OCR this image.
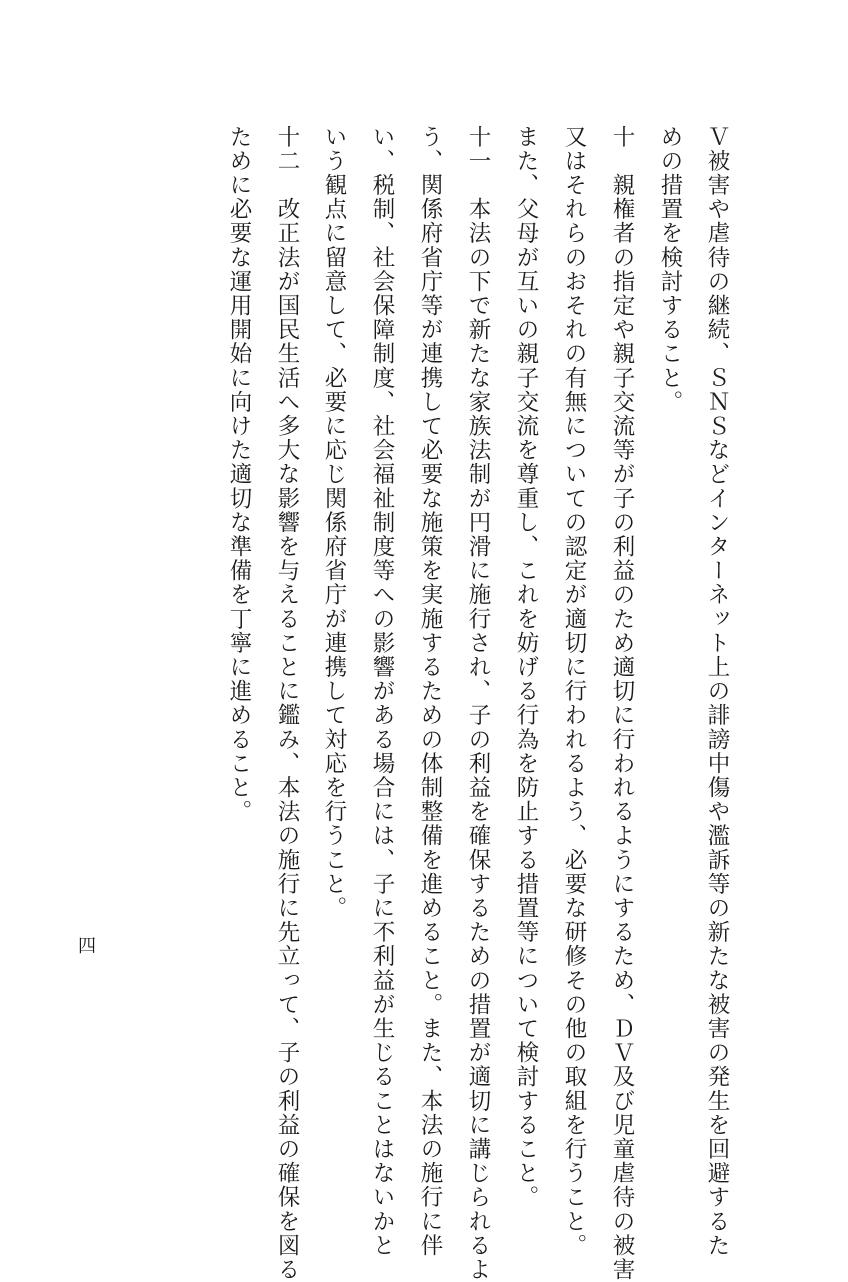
Ｖ被害や虐待の継続、ＳＮＳなどインターネット上の誹謗中傷や濫訴等の新たな被害の発生を回避するた
めの措置を検討すること。
十　親権者の指定や親子交流等が子の利益のため適切に行われるようにするため、ＤＶ及び児童虐待の被害
又はそれらのおそれの有無についての認定が適切に行われるよう、必要な研修その他の取組を行うこと。
また、父母が互いの親子交流を尊重し、これを妨げる行為を防止する措置等について検討すること。
十一　本法の下で新たな家族法制が円滑に施行され、子の利益を確保するための措置が適切に講じられるよ
う、関係府省庁等が連携して必要な施策を実施するための体制整備を進めること。また、本法の施行に伴
い、税制、社会保障制度、社会福祉制度等への影響がある場合には、子に不利益が生じることはないかと
いう観点に留意して、必要に応じ関係府省庁が連携して対応を行うこと。
十二　改正法が国民生活へ多大な影響を与えることに鑑み、本法の施行に先立って、子の利益の確保を図る
ために必要な運用開始に向けた適切な準備を丁寧に進めること。
四
